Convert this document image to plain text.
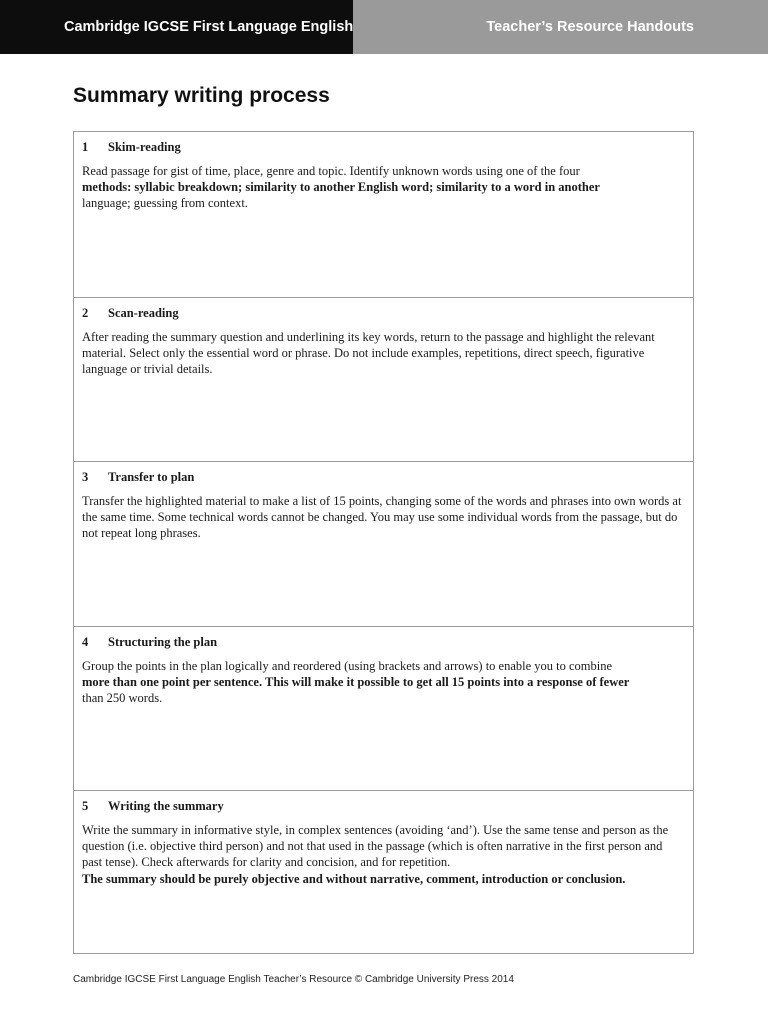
Cambridge IGCSE First Language English	Teacher’s Resource Handouts
Summary writing process
1	Skim-reading
Read passage for gist of time, place, genre and topic. Identify unknown words using one of the four
methods: syllabic breakdown; similarity to another English word; similarity to a word in another
language; guessing from context.
2	Scan-reading
After reading the summary question and underlining its key words, return to the passage and highlight the relevant material. Select only the essential word or phrase. Do not include examples, repetitions, direct speech, figurative language or trivial details.
3	Transfer to plan
Transfer the highlighted material to make a list of 15 points, changing some of the words and phrases into own words at the same time. Some technical words cannot be changed. You may use some individual words from the passage, but do not repeat long phrases.
4	Structuring the plan
Group the points in the plan logically and reordered (using brackets and arrows) to enable you to combine
more than one point per sentence. This will make it possible to get all 15 points into a response of fewer
than 250 words.
5	Writing the summary
Write the summary in informative style, in complex sentences (avoiding ‘and’). Use the same tense and person as the question (i.e. objective third person) and not that used in the passage (which is often narrative in the first person and past tense). Check afterwards for clarity and concision, and for repetition.
The summary should be purely objective and without narrative, comment, introduction or conclusion.
Cambridge IGCSE First Language English Teacher’s Resource © Cambridge University Press 2014
